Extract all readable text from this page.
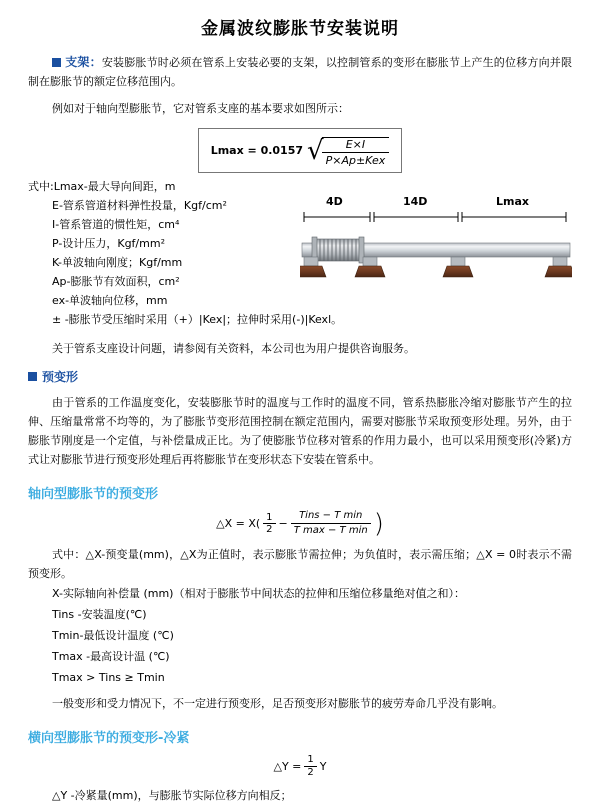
金属波纹膨胀节安装说明

支架：安装膨胀节时必须在管系上安装必要的支架，以控制管系的变形在膨胀节上产生的位移方向并限制在膨胀节的额定位移范围内。

例如对于轴向型膨胀节，它对管系支座的基本要求如图所示：

Lmax = 0.0157 √
$\frac{E\times I}{\text{P×Ap±Kex}}$
式中:Lmax-最大导向间距，m
E-管系管道材料弹性投量，Kgf/cm²
I-管系管道的惯性矩，cm⁴
P-设计压力，Kgf/mm²
K-单波轴向刚度；Kgf/mm
Ap-膨胀节有效面积，cm²
ex-单波轴向位移，mm
± -膨胀节受压缩时采用（+）|Kex|；拉伸时采用(-)|Kexl。
4D	14D	Lmax

关于管系支座设计问题，请参阅有关资料，本公司也为用户提供咨询服务。

预变形

由于管系的工作温度变化，安装膨胀节时的温度与工作时的温度不同，管系热膨胀冷缩对膨胀节产生的拉伸、压缩量常常不均等的，为了膨胀节变形范围控制在额定范围内，需要对膨胀节采取预变形处理。另外，由于膨胀节刚度是一个定值，与补偿量成正比。为了使膨胀节位移对管系的作用力最小，也可以采用预变形(冷紧)方式让对膨胀节进行预变形处理后再将膨胀节在变形状态下安装在管系中。

轴向型膨胀节的预变形
△X = $X( \frac{1}{2}$ −
Tins − T min
T max − T min )

式中：△X-预变量(mm)，△X为正值时，表示膨胀节需拉伸；为负值时，表示需压缩；△X = 0时表示不需预变形。

X-实际轴向补偿量 (mm)（相对于膨胀节中间状态的拉伸和压缩位移量绝对值之和）：
Tins -安装温度(℃)
Tmin-最低设计温度 (℃)
Tmax -最高设计温 (℃)
Tmax > Tins ≥ Tmin

一般变形和受力情况下，不一定进行预变形，足否预变形对膨胀节的疲劳寿命几乎没有影响。

横向型膨胀节的预变形-冷紧
△Y = $\frac{1}{2}$ Y

△Y -冷紧量(mm)，与膨胀节实际位移方向相反；
